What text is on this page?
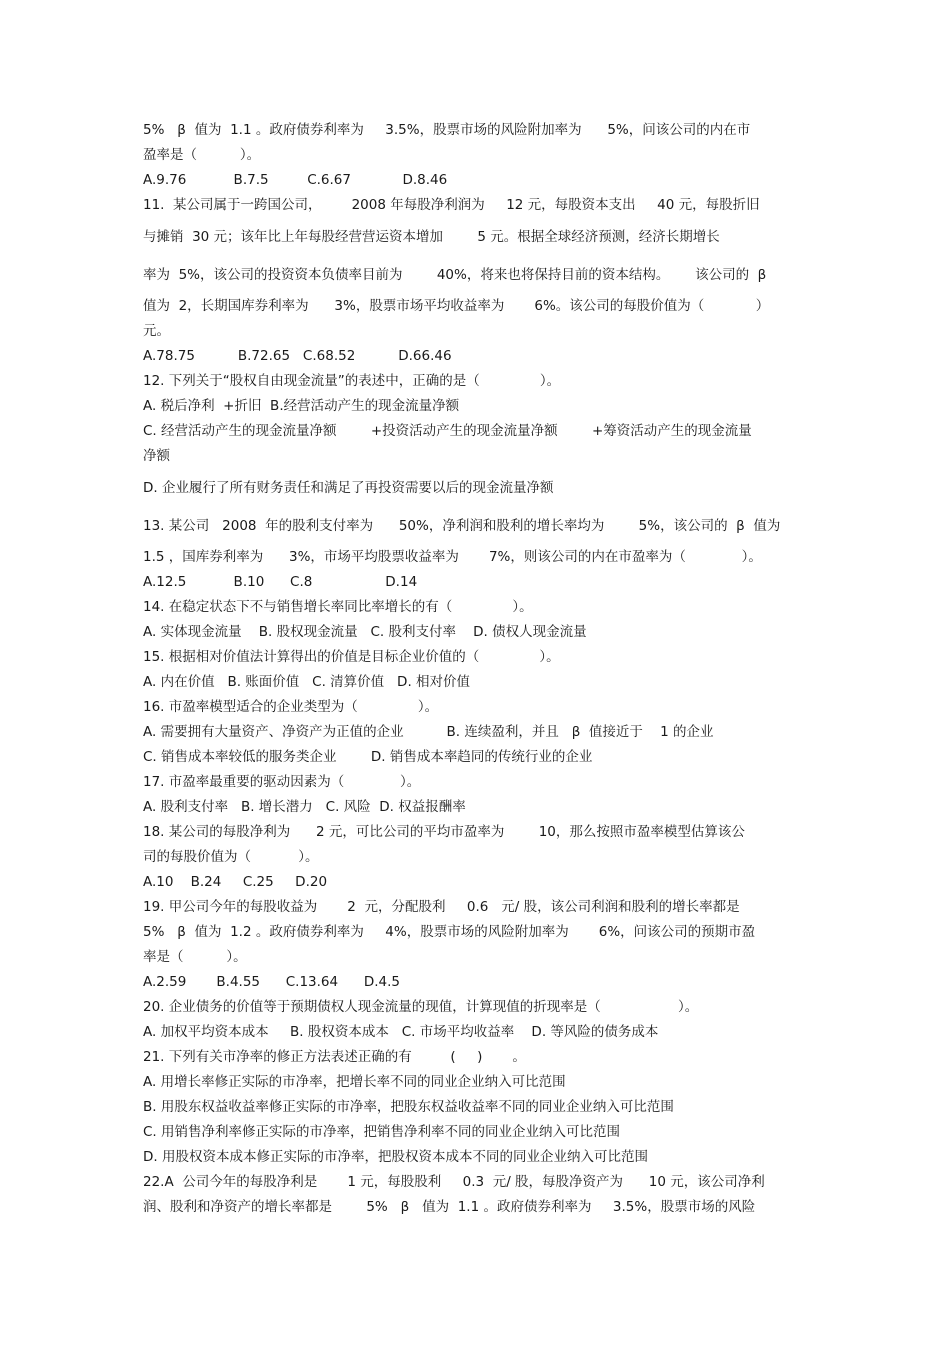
5%   β  值为  1.1 。政府债券利率为     3.5%，股票市场的风险附加率为      5%，问该公司的内在市
盈率是（          ）。
A.9.76           B.7.5         C.6.67            D.8.46
11.  某公司属于一跨国公司，       2008 年每股净利润为     12 元，每股资本支出     40 元，每股折旧
与摊销  30 元；该年比上年每股经营营运资本增加        5 元。根据全球经济预测，经济长期增长
率为  5%，该公司的投资资本负债率目前为        40%，将来也将保持目前的资本结构。      该公司的  β
值为  2，长期国库券利率为      3%，股票市场平均收益率为       6%。该公司的每股价值为（            ）
元。
A.78.75          B.72.65   C.68.52          D.66.46
12. 下列关于“股权自由现金流量”的表述中，正确的是（              ）。
A. 税后净利  +折旧  B.经营活动产生的现金流量净额
C. 经营活动产生的现金流量净额        +投资活动产生的现金流量净额        +筹资活动产生的现金流量
净额
D. 企业履行了所有财务责任和满足了再投资需要以后的现金流量净额
13. 某公司   2008  年的股利支付率为      50%，净利润和股利的增长率均为        5%，该公司的  β  值为
1.5 ，国库券利率为      3%，市场平均股票收益率为       7%，则该公司的内在市盈率为（             ）。
A.12.5           B.10      C.8                 D.14
14. 在稳定状态下不与销售增长率同比率增长的有（              ）。
A. 实体现金流量    B. 股权现金流量   C. 股利支付率    D. 债权人现金流量
15. 根据相对价值法计算得出的价值是目标企业价值的（              ）。
A. 内在价值   B. 账面价值   C. 清算价值   D. 相对价值
16. 市盈率模型适合的企业类型为（              ）。
A. 需要拥有大量资产、净资产为正值的企业          B. 连续盈利，并且   β  值接近于    1 的企业
C. 销售成本率较低的服务类企业        D. 销售成本率趋同的传统行业的企业
17. 市盈率最重要的驱动因素为（             ）。
A. 股利支付率   B. 增长潜力   C. 风险  D. 权益报酬率
18. 某公司的每股净利为      2 元，可比公司的平均市盈率为        10，那么按照市盈率模型估算该公
司的每股价值为（           ）。
A.10    B.24     C.25     D.20
19. 甲公司今年的每股收益为       2  元，分配股利     0.6   元/ 股，该公司利润和股利的增长率都是
5%   β  值为  1.2 。政府债券利率为     4%，股票市场的风险附加率为       6%，问该公司的预期市盈
率是（          ）。
A.2.59       B.4.55      C.13.64      D.4.5
20. 企业债务的价值等于预期债权人现金流量的现值，计算现值的折现率是（                  ）。
A. 加权平均资本成本     B. 股权资本成本   C. 市场平均收益率    D. 等风险的债务成本
21. 下列有关市净率的修正方法表述正确的有         (     )       。
A. 用增长率修正实际的市净率，把增长率不同的同业企业纳入可比范围
B. 用股东权益收益率修正实际的市净率，把股东权益收益率不同的同业企业纳入可比范围
C. 用销售净利率修正实际的市净率，把销售净利率不同的同业企业纳入可比范围
D. 用股权资本成本修正实际的市净率，把股权资本成本不同的同业企业纳入可比范围
22.A  公司今年的每股净利是       1 元，每股股利     0.3  元/ 股，每股净资产为      10 元，该公司净利
润、股利和净资产的增长率都是        5%   β   值为  1.1 。政府债券利率为     3.5%，股票市场的风险
